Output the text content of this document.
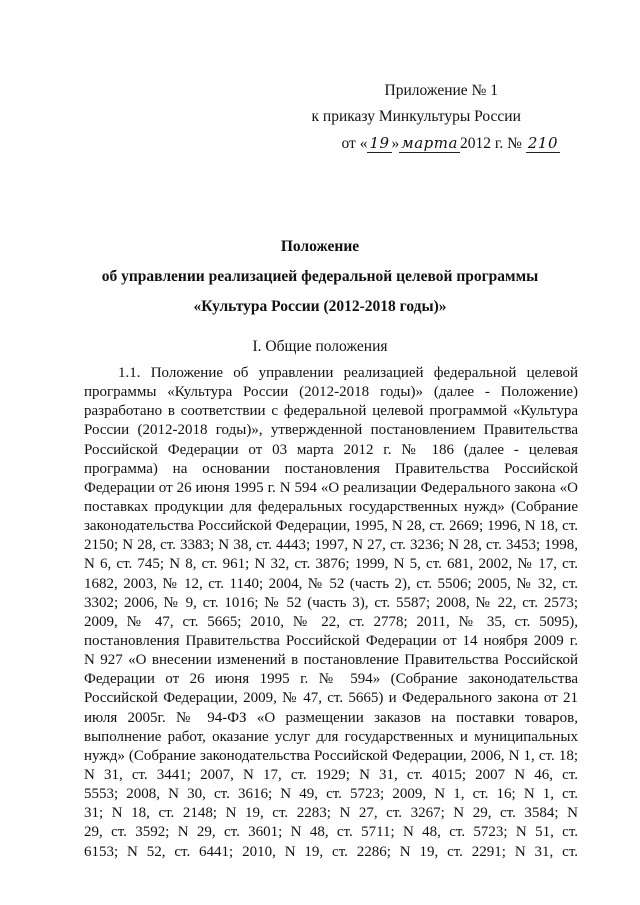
Приложение № 1
к приказу Минкультуры России
от « 19 » марта 2012 г. № 210
Положение
об управлении реализацией федеральной целевой программы
«Культура России (2012-2018 годы)»
I. Общие положения
1.1. Положение об управлении реализацией федеральной целевой
программы «Культура России (2012-2018 годы)» (далее - Положение)
разработано в соответствии с федеральной целевой программой «Культура
России (2012-2018 годы)», утвержденной постановлением Правительства
Российской Федерации от 03 марта 2012 г. № 186 (далее - целевая
программа) на основании постановления Правительства Российской
Федерации от 26 июня 1995 г. N 594 «О реализации Федерального закона «О
поставках продукции для федеральных государственных нужд» (Собрание
законодательства Российской Федерации, 1995, N 28, ст. 2669; 1996, N 18, ст.
2150; N 28, ст. 3383; N 38, ст. 4443; 1997, N 27, ст. 3236; N 28, ст. 3453; 1998,
N 6, ст. 745; N 8, ст. 961; N 32, ст. 3876; 1999, N 5, ст. 681, 2002, № 17, ст.
1682, 2003, № 12, ст. 1140; 2004, № 52 (часть 2), ст. 5506; 2005, № 32, ст.
3302; 2006, № 9, ст. 1016; № 52 (часть 3), ст. 5587; 2008, № 22, ст. 2573;
2009, № 47, ст. 5665; 2010, № 22, ст. 2778; 2011, № 35, ст. 5095),
постановления Правительства Российской Федерации от 14 ноября 2009 г.
N 927 «О внесении изменений в постановление Правительства Российской
Федерации от 26 июня 1995 г. № 594» (Собрание законодательства
Российской Федерации, 2009, № 47, ст. 5665) и Федерального закона от 21
июля 2005г. № 94-ФЗ «О размещении заказов на поставки товаров,
выполнение работ, оказание услуг для государственных и муниципальных
нужд» (Собрание законодательства Российской Федерации, 2006, N 1, ст. 18;
N 31, ст. 3441; 2007, N 17, ст. 1929; N 31, ст. 4015; 2007 N 46, ст.
5553; 2008, N 30, ст. 3616; N 49, ст. 5723; 2009, N 1, ст. 16; N 1, ст.
31; N 18, ст. 2148; N 19, ст. 2283; N 27, ст. 3267; N 29, ст. 3584; N
29, ст. 3592; N 29, ст. 3601; N 48, ст. 5711; N 48, ст. 5723; N 51, ст.
6153; N 52, ст. 6441; 2010, N 19, ст. 2286; N 19, ст. 2291; N 31, ст.
